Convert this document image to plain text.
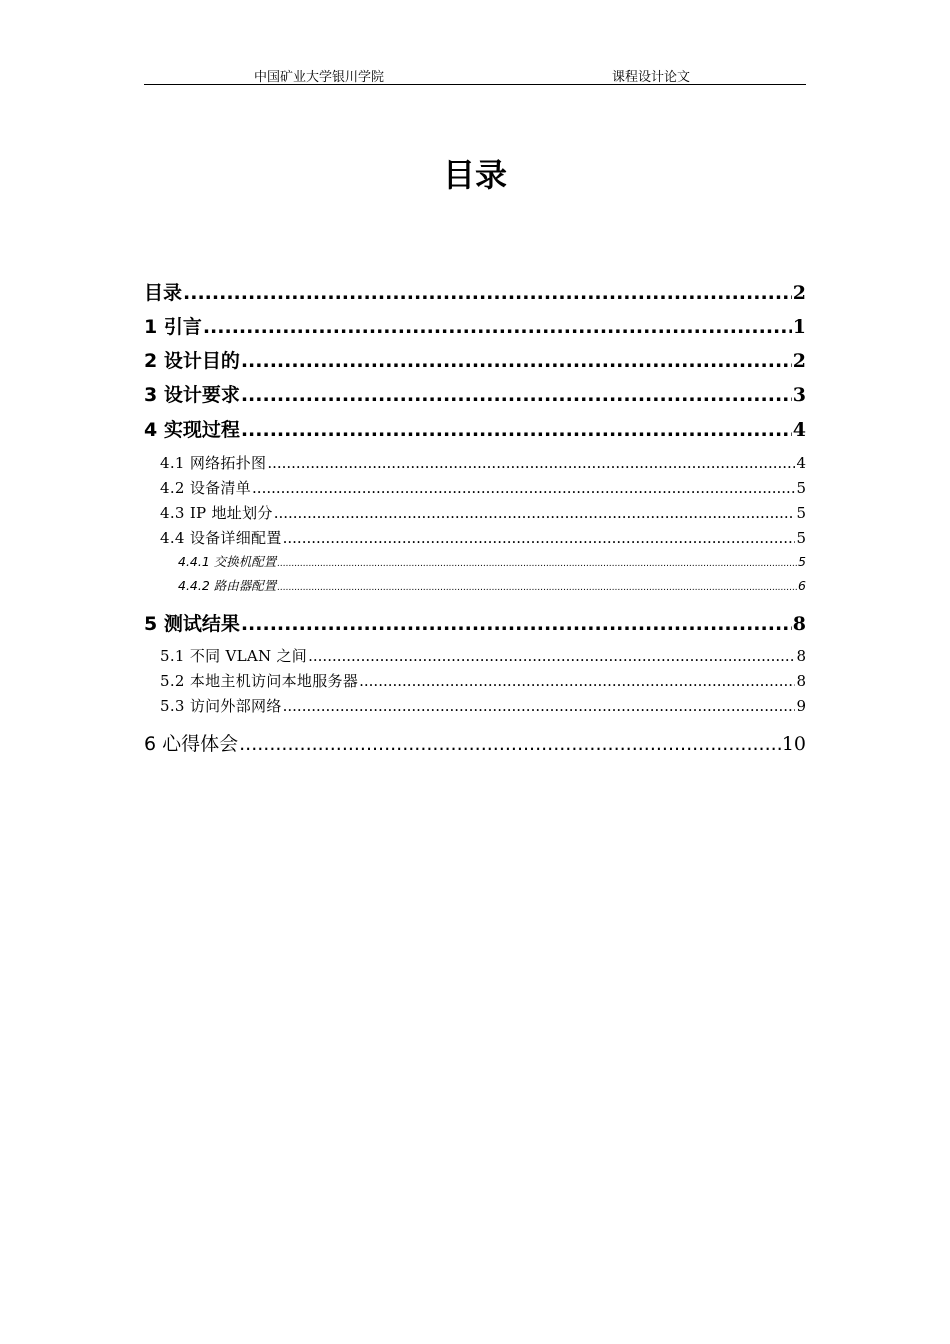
中国矿业大学银川学院	课程设计论文
目录
目录 .....	2
1 引言 .....	1
2 设计目的 .....	2
3 设计要求 .....	3
4 实现过程 .....	4
4.1 网络拓扑图 .....	4
4.2 设备清单 .....	5
4.3 IP 地址划分 .....	5
4.4 设备详细配置 .....	5
4.4.1 交换机配置 .....	5
4.4.2 路由器配置 .....	6
5 测试结果 .....	8
5.1 不同 VLAN 之间 .....	8
5.2 本地主机访问本地服务器 .....	8
5.3 访问外部网络 .....	9
6 心得体会 .....	10
